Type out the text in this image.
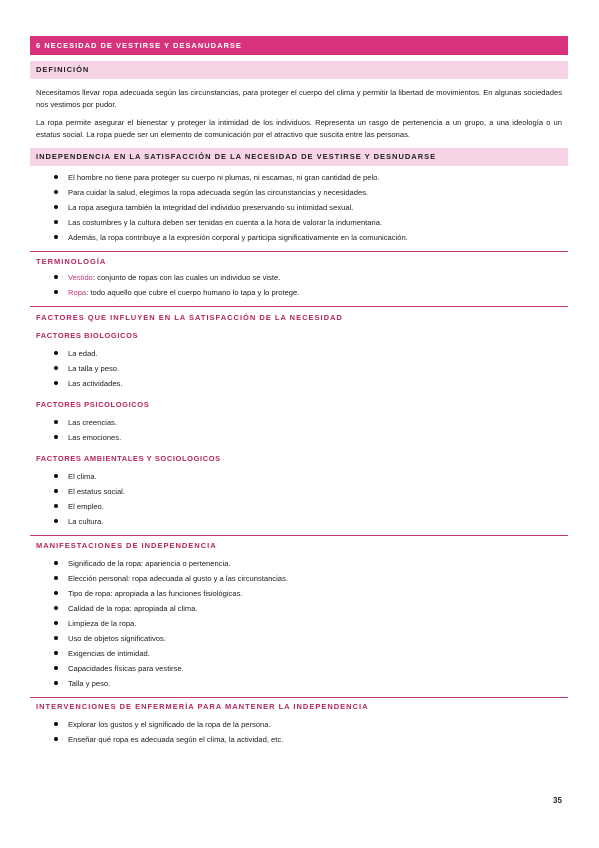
6 NECESIDAD DE VESTIRSE Y DESANUDARSE
DEFINICIÓN

Necesitamos llevar ropa adecuada según las circunstancias, para proteger el cuerpo del clima y permitir la libertad de movimientos. En algunas sociedades nos vestimos por pudor.

La ropa permite asegurar el bienestar y proteger la intimidad de los individuos. Representa un rasgo de pertenencia a un grupo, a una ideología o un estatus social. La ropa puede ser un elemento de comunicación por el atractivo que suscita entre las personas.

INDEPENDENCIA EN LA SATISFACCIÓN DE LA NECESIDAD DE VESTIRSE Y DESNUDARSE
El hombre no tiene para proteger su cuerpo ni plumas, ni escamas, ni gran cantidad de pelo.
Para cuidar la salud, elegimos la ropa adecuada según las circunstancias y necesidades.
La ropa asegura también la integridad del individuo preservando su intimidad sexual.
Las costumbres y la cultura deben ser tenidas en cuenta a la hora de valorar la indumentaria.
Además, la ropa contribuye a la expresión corporal y participa significativamente en la comunicación.
TERMINOLOGÍA
Vestido: conjunto de ropas con las cuales un individuo se viste.
Ropa: todo aquello que cubre el cuerpo humano lo tapa y lo protege.
FACTORES QUE INFLUYEN EN LA SATISFACCIÓN DE LA NECESIDAD
FACTORES BIOLOGICOS
La edad.
La talla y peso.
Las actividades.
FACTORES PSICOLOGICOS
Las creencias.
Las emociones.
FACTORES AMBIENTALES Y SOCIOLOGICOS
El clima.
El estatus social.
El empleo.
La cultura.
MANIFESTACIONES DE INDEPENDENCIA
Significado de la ropa: apariencia o pertenencia.
Elección personal: ropa adecuada al gusto y a las circunstancias.
Tipo de ropa: apropiada a las funciones fisiológicas.
Calidad de la ropa: apropiada al clima.
Limpieza de la ropa.
Uso de objetos significativos.
Exigencias de intimidad.
Capacidades físicas para vestirse.
Talla y peso.
INTERVENCIONES DE ENFERMERÍA PARA MANTENER LA INDEPENDENCIA
Explorar los gustos y el significado de la ropa de la persona.
Enseñar qué ropa es adecuada según el clima, la actividad, etc.
35
